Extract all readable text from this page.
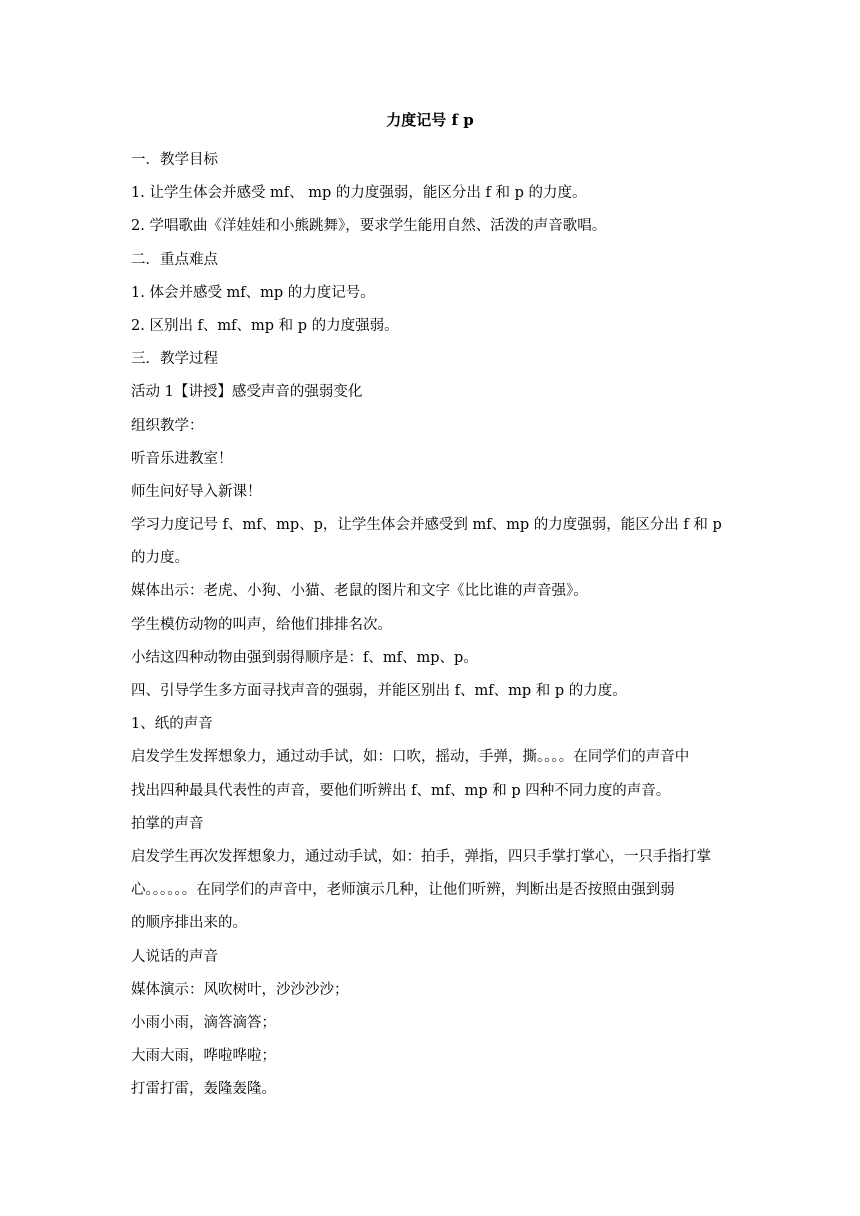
力度记号 f p
一．教学目标
1. 让学生体会并感受 mf、 mp 的力度强弱，能区分出 f 和 p 的力度。
2. 学唱歌曲《洋娃娃和小熊跳舞》，要求学生能用自然、活泼的声音歌唱。
二．重点难点
1. 体会并感受 mf、mp 的力度记号。
2. 区别出 f、mf、mp 和 p 的力度强弱。
三．教学过程
活动 1【讲授】感受声音的强弱变化
组织教学：
听音乐进教室！
师生问好导入新课！
学习力度记号 f、mf、mp、p，让学生体会并感受到 mf、mp 的力度强弱，能区分出 f 和 p
的力度。
媒体出示：老虎、小狗、小猫、老鼠的图片和文字《比比谁的声音强》。
学生模仿动物的叫声，给他们排排名次。
小结这四种动物由强到弱得顺序是：f、mf、mp、p。
四、引导学生多方面寻找声音的强弱，并能区别出 f、mf、mp 和 p 的力度。
1、纸的声音
启发学生发挥想象力，通过动手试，如：口吹，摇动，手弹，撕。。。。在同学们的声音中
找出四种最具代表性的声音，要他们听辨出 f、mf、mp 和 p 四种不同力度的声音。
拍掌的声音
启发学生再次发挥想象力，通过动手试，如：拍手，弹指，四只手掌打掌心，一只手指打掌
心。。。。。。在同学们的声音中，老师演示几种，让他们听辨，判断出是否按照由强到弱
的顺序排出来的。
人说话的声音
媒体演示：风吹树叶，沙沙沙沙；
小雨小雨，滴答滴答；
大雨大雨，哗啦哗啦；
打雷打雷，轰隆轰隆。
